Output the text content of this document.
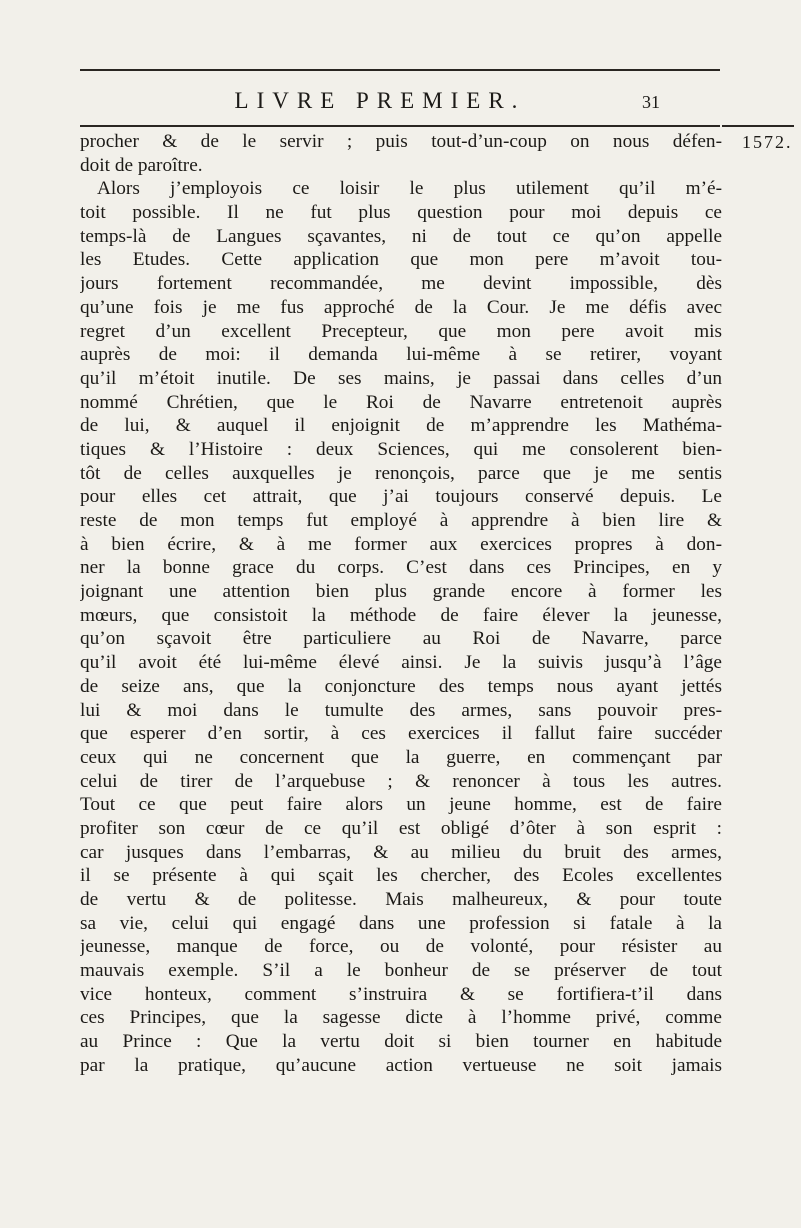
LIVRE PREMIER.	31
1572.
procher & de le servir ; puis tout-d’un-coup on nous défen-
doit de paroître.
Alors j’employois ce loisir le plus utilement qu’il m’é-
toit possible. Il ne fut plus question pour moi depuis ce
temps-là de Langues sçavantes, ni de tout ce qu’on appelle
les Etudes. Cette application que mon pere m’avoit tou-
jours fortement recommandée, me devint impossible, dès
qu’une fois je me fus approché de la Cour. Je me défis avec
regret d’un excellent Precepteur, que mon pere avoit mis
auprès de moi: il demanda lui-même à se retirer, voyant
qu’il m’étoit inutile. De ses mains, je passai dans celles d’un
nommé Chrétien, que le Roi de Navarre entretenoit auprès
de lui, & auquel il enjoignit de m’apprendre les Mathéma-
tiques & l’Histoire : deux Sciences, qui me consolerent bien-
tôt de celles auxquelles je renonçois, parce que je me sentis
pour elles cet attrait, que j’ai toujours conservé depuis. Le
reste de mon temps fut employé à apprendre à bien lire &
à bien écrire, & à me former aux exercices propres à don-
ner la bonne grace du corps. C’est dans ces Principes, en y
joignant une attention bien plus grande encore à former les
mœurs, que consistoit la méthode de faire élever la jeunesse,
qu’on sçavoit être particuliere au Roi de Navarre, parce
qu’il avoit été lui-même élevé ainsi. Je la suivis jusqu’à l’âge
de seize ans, que la conjoncture des temps nous ayant jettés
lui & moi dans le tumulte des armes, sans pouvoir pres-
que esperer d’en sortir, à ces exercices il fallut faire succéder
ceux qui ne concernent que la guerre, en commençant par
celui de tirer de l’arquebuse ; & renoncer à tous les autres.
Tout ce que peut faire alors un jeune homme, est de faire
profiter son cœur de ce qu’il est obligé d’ôter à son esprit :
car jusques dans l’embarras, & au milieu du bruit des armes,
il se présente à qui sçait les chercher, des Ecoles excellentes
de vertu & de politesse. Mais malheureux, & pour toute
sa vie, celui qui engagé dans une profession si fatale à la
jeunesse, manque de force, ou de volonté, pour résister au
mauvais exemple. S’il a le bonheur de se préserver de tout
vice honteux, comment s’instruira & se fortifiera-t’il dans
ces Principes, que la sagesse dicte à l’homme privé, comme
au Prince : Que la vertu doit si bien tourner en habitude
par la pratique, qu’aucune action vertueuse ne soit jamais
